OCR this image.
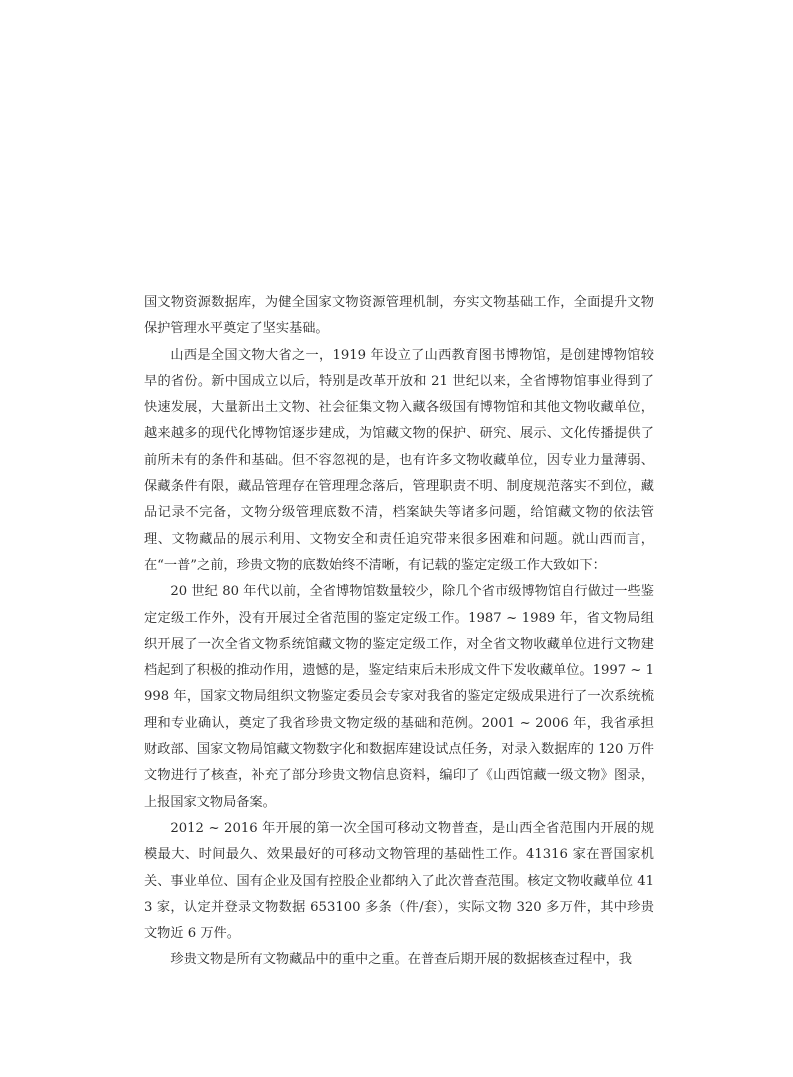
国文物资源数据库，为健全国家文物资源管理机制，夯实文物基础工作，全面提升文物保护管理水平奠定了坚实基础。

山西是全国文物大省之一，1919 年设立了山西教育图书博物馆，是创建博物馆较早的省份。新中国成立以后，特别是改革开放和 21 世纪以来，全省博物馆事业得到了快速发展，大量新出土文物、社会征集文物入藏各级国有博物馆和其他文物收藏单位，越来越多的现代化博物馆逐步建成，为馆藏文物的保护、研究、展示、文化传播提供了前所未有的条件和基础。但不容忽视的是，也有许多文物收藏单位，因专业力量薄弱、保藏条件有限，藏品管理存在管理理念落后，管理职责不明、制度规范落实不到位，藏品记录不完备，文物分级管理底数不清，档案缺失等诸多问题，给馆藏文物的依法管理、文物藏品的展示利用、文物安全和责任追究带来很多困难和问题。就山西而言，在“一普”之前，珍贵文物的底数始终不清晰，有记载的鉴定定级工作大致如下：

20 世纪 80 年代以前，全省博物馆数量较少，除几个省市级博物馆自行做过一些鉴定定级工作外，没有开展过全省范围的鉴定定级工作。1987 ~ 1989 年，省文物局组织开展了一次全省文物系统馆藏文物的鉴定定级工作，对全省文物收藏单位进行文物建档起到了积极的推动作用，遗憾的是，鉴定结束后未形成文件下发收藏单位。1997 ~ 1998 年，国家文物局组织文物鉴定委员会专家对我省的鉴定定级成果进行了一次系统梳理和专业确认，奠定了我省珍贵文物定级的基础和范例。2001 ~ 2006 年，我省承担财政部、国家文物局馆藏文物数字化和数据库建设试点任务，对录入数据库的 120 万件文物进行了核查，补充了部分珍贵文物信息资料，编印了《山西馆藏一级文物》图录，上报国家文物局备案。

2012 ~ 2016 年开展的第一次全国可移动文物普查，是山西全省范围内开展的规模最大、时间最久、效果最好的可移动文物管理的基础性工作。41316 家在晋国家机关、事业单位、国有企业及国有控股企业都纳入了此次普查范围。核定文物收藏单位 413 家，认定并登录文物数据 653100 多条（件/套），实际文物 320 多万件，其中珍贵文物近 6 万件。

珍贵文物是所有文物藏品中的重中之重。在普查后期开展的数据核查过程中，我
